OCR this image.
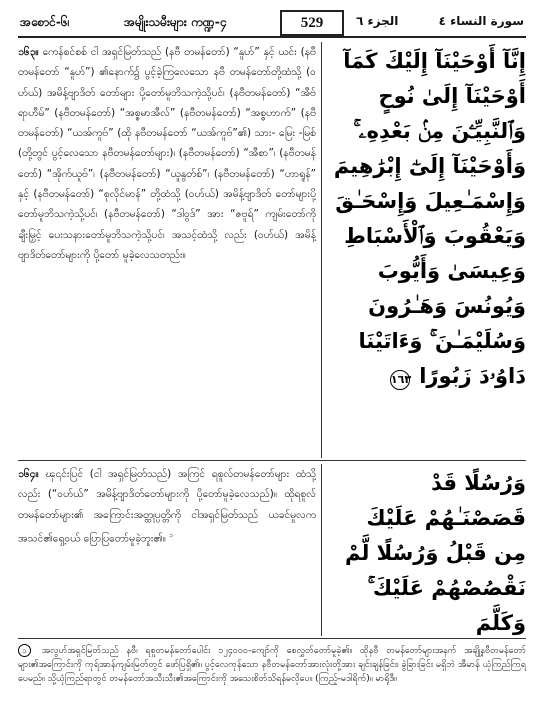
အစောင်-၆၊	အမျိုးသမီးများ ကဏ္ဍ-၄	529	الجزء ٦	سورة النساء ٤

၁၆၃။ ကေန်စင်စစ် ငါ အရှင်မြတ်သည် (နဗီ တမန်တော်) “နူဟ်” နှင့် ယင်း (နဗီတမန်တော် “နူဟ်”) ၏နောက်၌ ပွင့်ခဲ့ကြလေသော နဗီ တမန်တော်တို့ထံသို့ (ဝဟ်ယ်) အမိန့်ဗျာဒိတ် တော်များ ပို့တော်မူဘိသကဲ့သို့ပင်၊ (နဗီတမန်တော်) “အီဗ်ရာဟီမ်” (နဗီတမန်တော်) “အစ္စမာအီလ်” (နဗီတမန်တော်) “အစ္စဟာက်” (နဗီတမန်တော်) “ယအ်ကူဗ်” (ထို နဗီတမန်တော် “ယအ်ကူဗ်”၏) သား- မြေး -မြစ် (တို့တွင် ပွင့်လေသော နဗီတမန်တော်များ)၊ (နဗီတမန်တော်) “အီစာ”၊ (နဗီတမန်တော်) “အိုက်ယူဗ်”၊ (နဗီတမန်တော်) “ယူနွတ်စ်”၊ (နဗီတမန်တော်) “ဟာရူန်” နှင့် (နဗီတမန်တော်) “စုလိုင်မာန်” တို့ထံသို့ (ဝဟ်ယ်) အမိန့်ဗျာဒိတ် တော်များပို့တော်မူဘိသကဲ့သို့ပင်၊ (နဗီတမန်တော်) “ဒါဝွဒ်” အား “ဇဗူရ်” ကျမ်းတော်ကို ချီးမြှင့် ပေးသနားတော်မူဘိသကဲ့သို့ပင်၊ အသင့်ထံသို့ လည်း (ဝဟ်ယ်) အမိန့်ဗျာဒိတ်တော်များကို ပို့တော် မူခဲ့လေသတည်း။

إِنَّآ أَوْحَيْنَآ إِلَيْكَ كَمَآ أَوْحَيْنَآ إِلَىٰ نُوحٍ وَٱلنَّبِيِّـۧنَ مِنۢ بَعْدِهِۦ ۚ وَأَوْحَيْنَآ إِلَىٰٓ إِبْرَٰهِيمَ وَإِسْمَـٰعِيلَ وَإِسْحَـٰقَ وَيَعْقُوبَ وَٱلْأَسْبَاطِ وَعِيسَىٰ وَأَيُّوبَ وَيُونُسَ وَهَـٰرُونَ وَسُلَيْمَـٰنَ ۚ وَءَاتَيْنَا دَاوُۥدَ زَبُورًا ١٦٣

၁၆၄။ ၾ၎င်းပြင် (ငါ အရှင်မြတ်သည်) အကြင် ရစူလ်တမန်တော်များ ထံသို့လည်း (“ဝဟ်ယ်” အမိန့်ဗျာဒိတ်တော်များကို ပို့တော်မူခဲ့လေသည်)။ ထိုရစူလ်တမန်တော်များ၏ အကြောင်းအတ္ထုပ္ပတ္တိကို ငါအရှင်မြတ်သည် ယခင်မှုလက အသင်၏ရှေ့ဝယ် ပြောပြတော်မူခဲ့ဘူး၏။ $^၁$

وَرُسُلًا قَدْ قَصَصْنَـٰهُمْ عَلَيْكَ مِن قَبْلُ وَرُسُلًا لَّمْ نَقْصُصْهُمْ عَلَيْكَ ۚ وَكَلَّمَ

၁ အလွဟ်အရှင်မြတ်သည် နဗီ၊ ရစူတမန်တော်ပေါင်း ၁၂၄၀၀၀-ကျော်ကို စေလွှတ်တော်မူခဲ့၏။ ထိုနဗီ တမန်တော်များအနက် အချို့နဗီတမန်တော်များ၏အကြောင်းကို ကုရ်အာန်ကျမ်းမြတ်တွင် ဖော်ပြရှိ၏။ ပွင့်လေကုန်သော နဗီတမန်တော်အားလုံးတို့အား ချင်းချန်ခြင်း၊ ခွဲခြားခြင်း မရှိဘဲ အီမာန် ယုံကြည်ကြရပေမည်။ သို့ယုံကြည်ရာတွင် တမန်တော်အသီးသီး၏အကြောင်းကို အသေးစိတ်သိရန်မလိုပေ။ (ကြည့်-မဒါရိက်)။ မာရိုဒီ။
